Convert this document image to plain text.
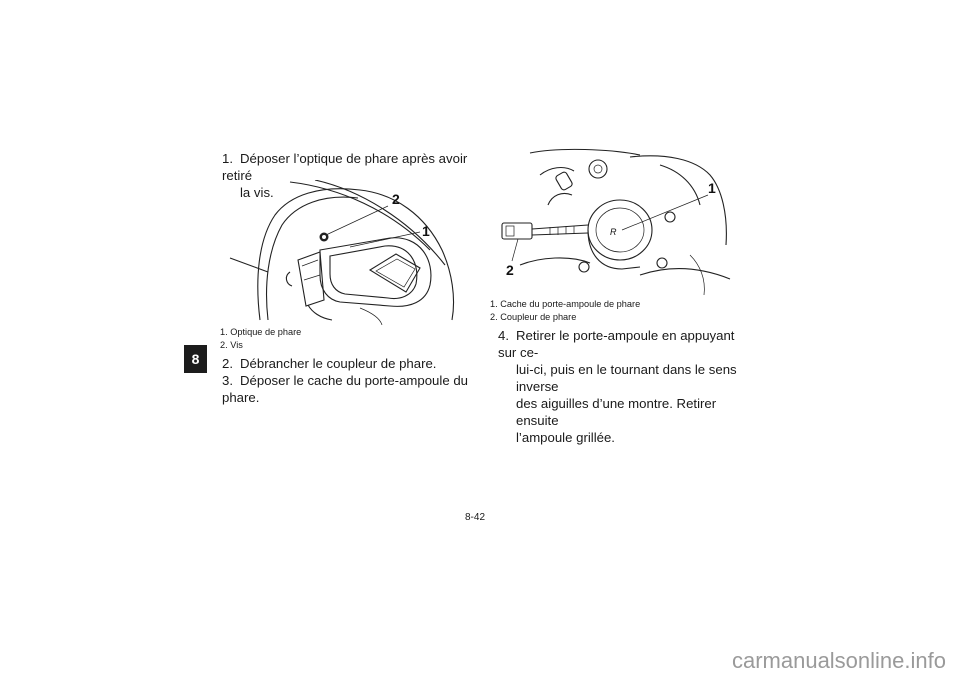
8
1. Déposer l’optique de phare après avoir retiré
la vis.	2
1
1. Optique de phare
2. Vis
2. Débrancher le coupleur de phare.
3. Déposer le cache du porte-ampoule du phare.
R
1
2
1. Cache du porte-ampoule de phare
2. Coupleur de phare
4. Retirer le porte-ampoule en appuyant sur ce-
lui-ci, puis en le tournant dans le sens inverse
des aiguilles d’une montre. Retirer ensuite
l’ampoule grillée.
8-42
carmanualsonline.info
